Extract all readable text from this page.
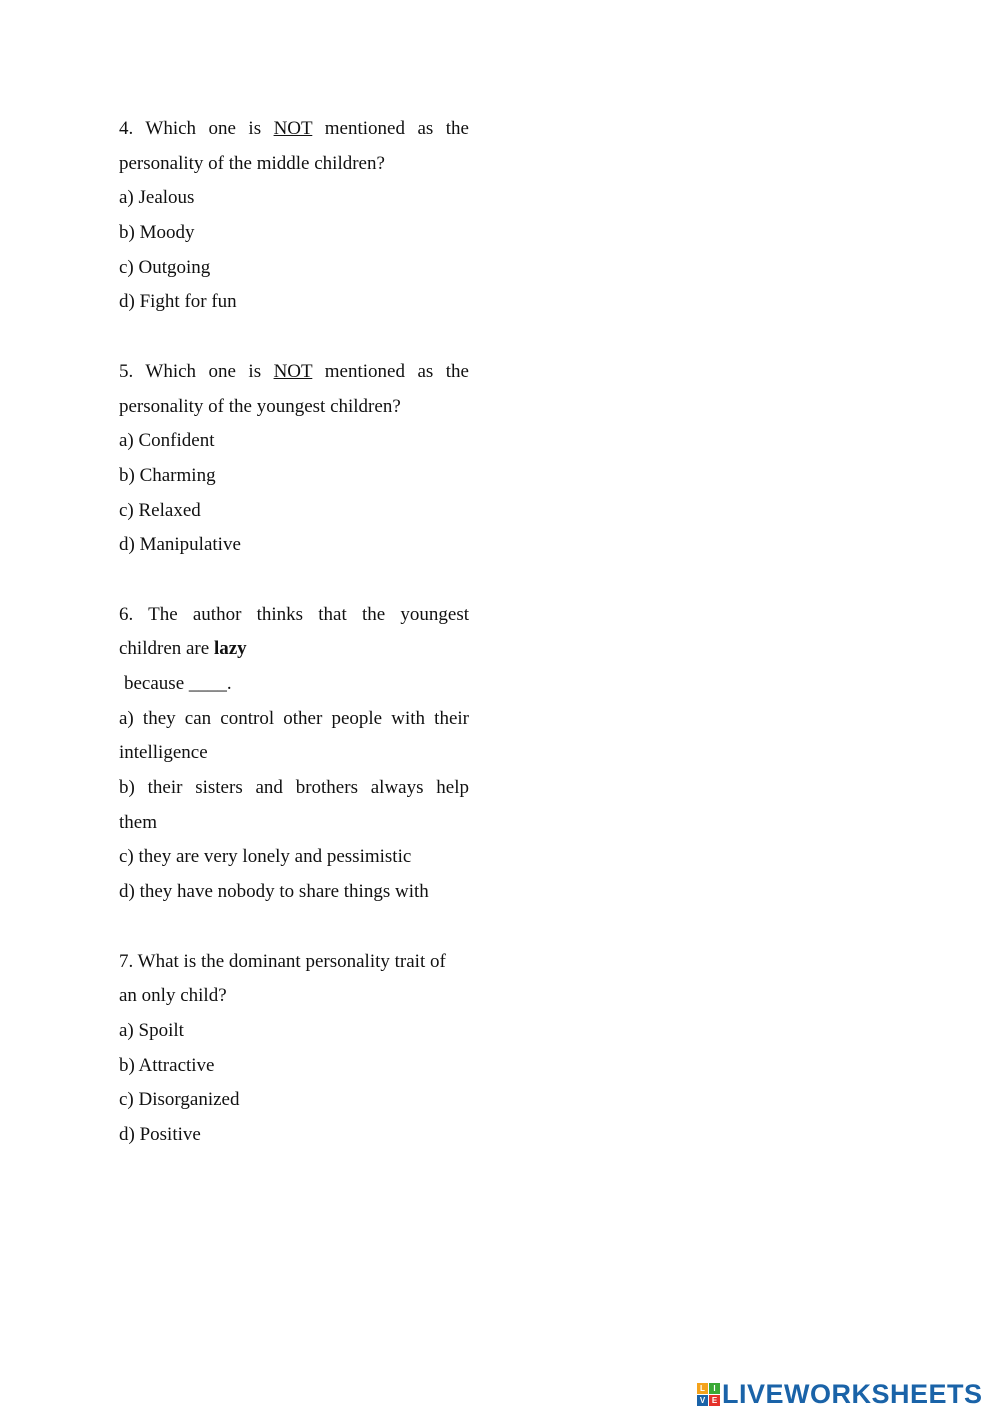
4. Which one is NOT mentioned as the
personality of the middle children?
a) Jealous
b) Moody
c) Outgoing
d) Fight for fun
5. Which one is NOT mentioned as the
personality of the youngest children?
a) Confident
b) Charming
c) Relaxed
d) Manipulative
6. The author thinks that the youngest
children are lazy
because ____.
a) they can control other people with their
intelligence
b) their sisters and brothers always help
them
c) they are very lonely and pessimistic
d) they have nobody to share things with
7. What is the dominant personality trait of
an only child?
a) Spoilt
b) Attractive
c) Disorganized
d) Positive
L	I
V E LIVEWORKSHEETS
